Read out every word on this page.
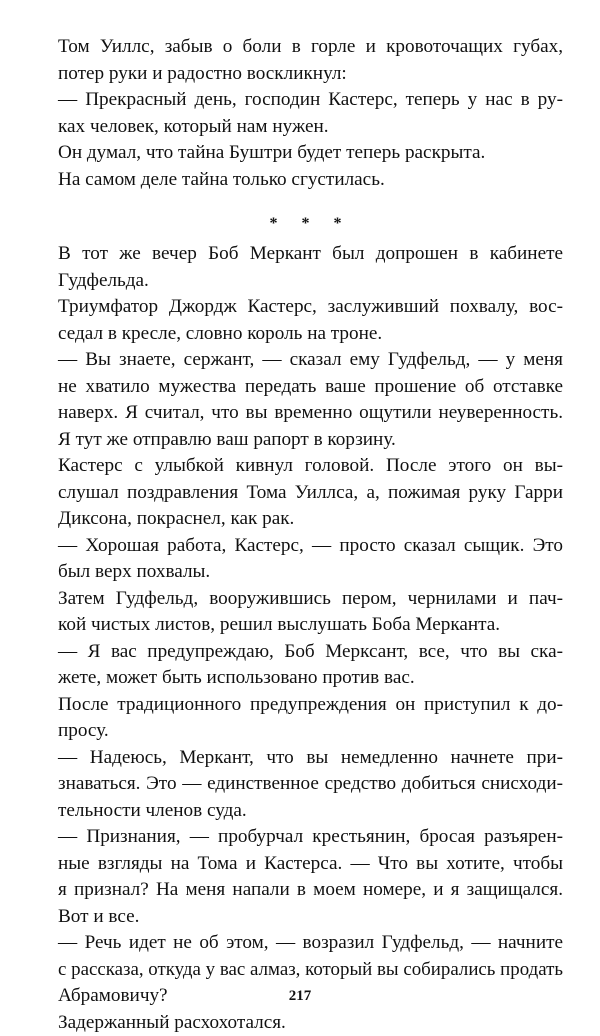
Том Уиллс, забыв о боли в горле и кровоточащих губах,
потер руки и радостно воскликнул:
— Прекрасный день, господин Кастерс, теперь у нас в ру-
ках человек, который нам нужен.
Он думал, что тайна Буштри будет теперь раскрыта.
На самом деле тайна только сгустилась.
* * *
В тот же вечер Боб Меркант был допрошен в кабинете
Гудфельда.
Триумфатор Джордж Кастерс, заслуживший похвалу, вос-
седал в кресле, словно король на троне.
— Вы знаете, сержант, — сказал ему Гудфельд, — у меня
не хватило мужества передать ваше прошение об отставке
наверх. Я считал, что вы временно ощутили неуверенность.
Я тут же отправлю ваш рапорт в корзину.
Кастерс с улыбкой кивнул головой. После этого он вы-
слушал поздравления Тома Уиллса, а, пожимая руку Гарри
Диксона, покраснел, как рак.
— Хорошая работа, Кастерс, — просто сказал сыщик. Это
был верх похвалы.
Затем Гудфельд, вооружившись пером, чернилами и пач-
кой чистых листов, решил выслушать Боба Мерканта.
— Я вас предупреждаю, Боб Мерксант, все, что вы ска-
жете, может быть использовано против вас.
После традиционного предупреждения он приступил к до-
просу.
— Надеюсь, Меркант, что вы немедленно начнете при-
знаваться. Это — единственное средство добиться снисходи-
тельности членов суда.
— Признания, — пробурчал крестьянин, бросая разъярен-
ные взгляды на Тома и Кастерса. — Что вы хотите, чтобы
я признал? На меня напали в моем номере, и я защищался.
Вот и все.
— Речь идет не об этом, — возразил Гудфельд, — начните
с рассказа, откуда у вас алмаз, который вы собирались продать
Абрамовичу?
Задержанный расхохотался.
217
